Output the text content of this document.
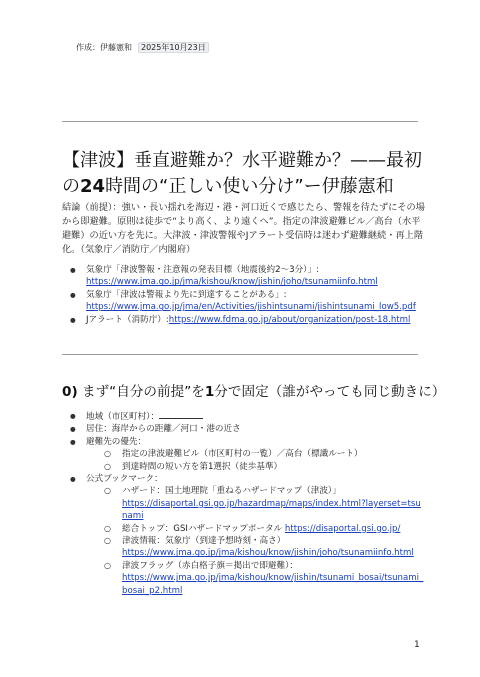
作成：伊藤憲和 2025年10月23日
【津波】垂直避難か？水平避難か？——最初
の24時間の“正しい使い分け”ー伊藤憲和
結論（前提）：強い・長い揺れを海辺・港・河口近くで感じたら、警報を待たずにその場から即避難。原則は徒歩で“より高く、より遠くへ”。指定の津波避難ビル／高台（水平避難）の近い方を先に。大津波・津波警報やJアラート受信時は迷わず避難継続・再上階化。（気象庁／消防庁／内閣府）
● 気象庁「津波警報・注意報の発表目標（地震後約2〜3分）」:
https://www.jma.go.jp/jma/kishou/know/jishin/joho/tsunamiinfo.html
● 気象庁「津波は警報より先に到達することがある」:
https://www.jma.go.jp/jma/en/Activities/jishintsunami/jishintsunami_low5.pdf
● Jアラート（消防庁）:https://www.fdma.go.jp/about/organization/post-18.html
0) まず“自分の前提”を1分で固定（誰がやっても同じ動きに）
● 地域（市区町村）：
● 居住：海岸からの距離／河口・港の近さ
● 避難先の優先：
○ 指定の津波避難ビル（市区町村の一覧）／高台（標識ルート）
○ 到達時間の短い方を第1選択（徒歩基準）
● 公式ブックマーク：
○ ハザード：国土地理院「重ねるハザードマップ（津波）」
https://disaportal.gsi.go.jp/hazardmap/maps/index.html?layerset=tsunami
○ 総合トップ：GSIハザードマップポータル https://disaportal.gsi.go.jp/
○ 津波情報：気象庁（到達予想時刻・高さ）
https://www.jma.go.jp/jma/kishou/know/jishin/joho/tsunamiinfo.html
○ 津波フラッグ（赤白格子旗＝掲出で即避難）：
https://www.jma.go.jp/jma/kishou/know/jishin/tsunami_bosai/tsunami_bosai_p2.html
1
